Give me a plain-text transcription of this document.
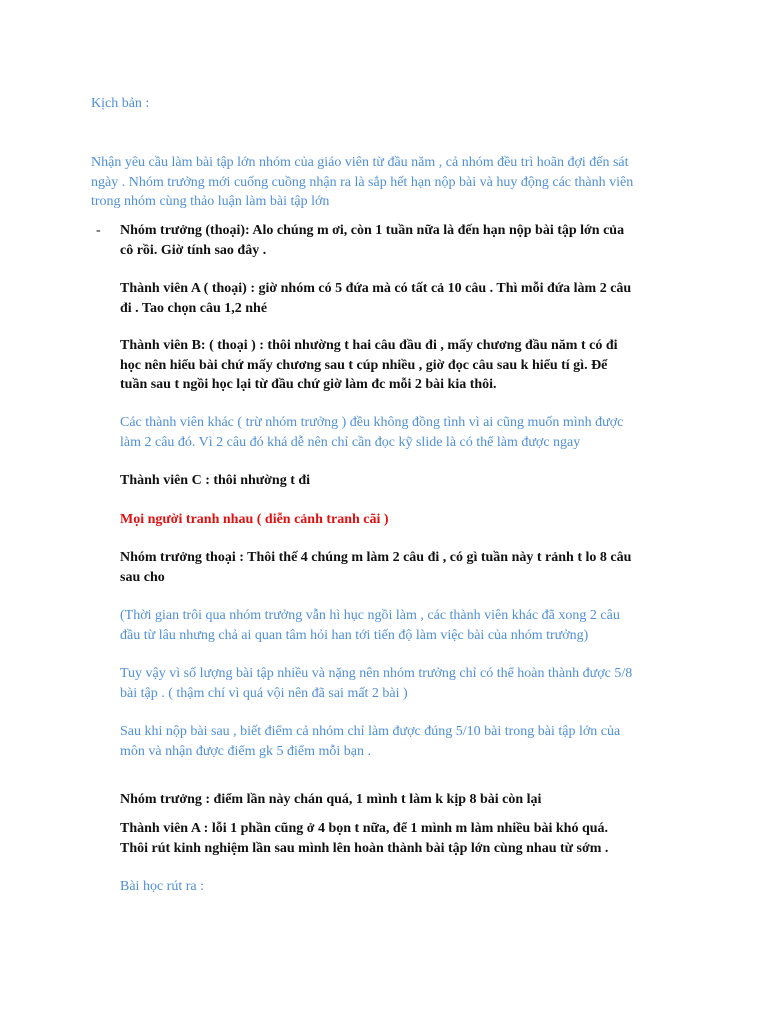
Kịch bản :

Nhận yêu cầu làm bài tập lớn nhóm của giáo viên từ đầu năm , cả nhóm đều trì hoãn đợi đến sát
ngày . Nhóm trưởng mới cuống cuồng nhận ra là sắp hết hạn nộp bài và huy động các thành viên
trong nhóm cùng thảo luận làm bài tập lớn

- Nhóm trưởng (thoại): Alo chúng m ơi, còn 1 tuần nữa là đến hạn nộp bài tập lớn của
cô rồi. Giờ tính sao đây .

Thành viên A ( thoại) : giờ nhóm có 5 đứa mà có tất cả 10 câu . Thì mỗi đứa làm 2 câu
đi . Tao chọn câu 1,2 nhé

Thành viên B: ( thoại ) : thôi nhường t hai câu đầu đi , mấy chương đầu năm t có đi
học nên hiểu bài chứ mấy chương sau t cúp nhiều , giờ đọc câu sau k hiểu tí gì. Để
tuần sau t ngồi học lại từ đầu chứ giờ làm đc mỗi 2 bài kia thôi.

Các thành viên khác ( trừ nhóm trưởng ) đều không đồng tình vì ai cũng muốn mình được
làm 2 câu đó. Vì 2 câu đó khá dễ nên chỉ cần đọc kỹ slide là có thể làm được ngay

Thành viên C : thôi nhường t đi

Mọi người tranh nhau ( diễn cảnh tranh cãi )

Nhóm trưởng thoại : Thôi thế 4 chúng m làm 2 câu đi , có gì tuần này t rảnh t lo 8 câu
sau cho

(Thời gian trôi qua nhóm trưởng vẫn hì hục ngồi làm , các thành viên khác đã xong 2 câu
đầu từ lâu nhưng chả ai quan tâm hỏi han tới tiến độ làm việc bài của nhóm trưởng)

Tuy vậy vì số lượng bài tập nhiều và nặng nên nhóm trưởng chỉ có thể hoàn thành được 5/8
bài tập . ( thậm chí vì quá vội nên đã sai mất 2 bài )

Sau khi nộp bài sau , biết điểm cả nhóm chỉ làm được đúng 5/10 bài trong bài tập lớn của
môn và nhận được điểm gk 5 điểm mỗi bạn .

Nhóm trưởng : điểm lần này chán quá, 1 mình t làm k kịp 8 bài còn lại

Thành viên A : lỗi 1 phần cũng ở 4 bọn t nữa, để 1 mình m làm nhiều bài khó quá.
Thôi rút kinh nghiệm lần sau mình lên hoàn thành bài tập lớn cùng nhau từ sớm .

Bài học rút ra :
